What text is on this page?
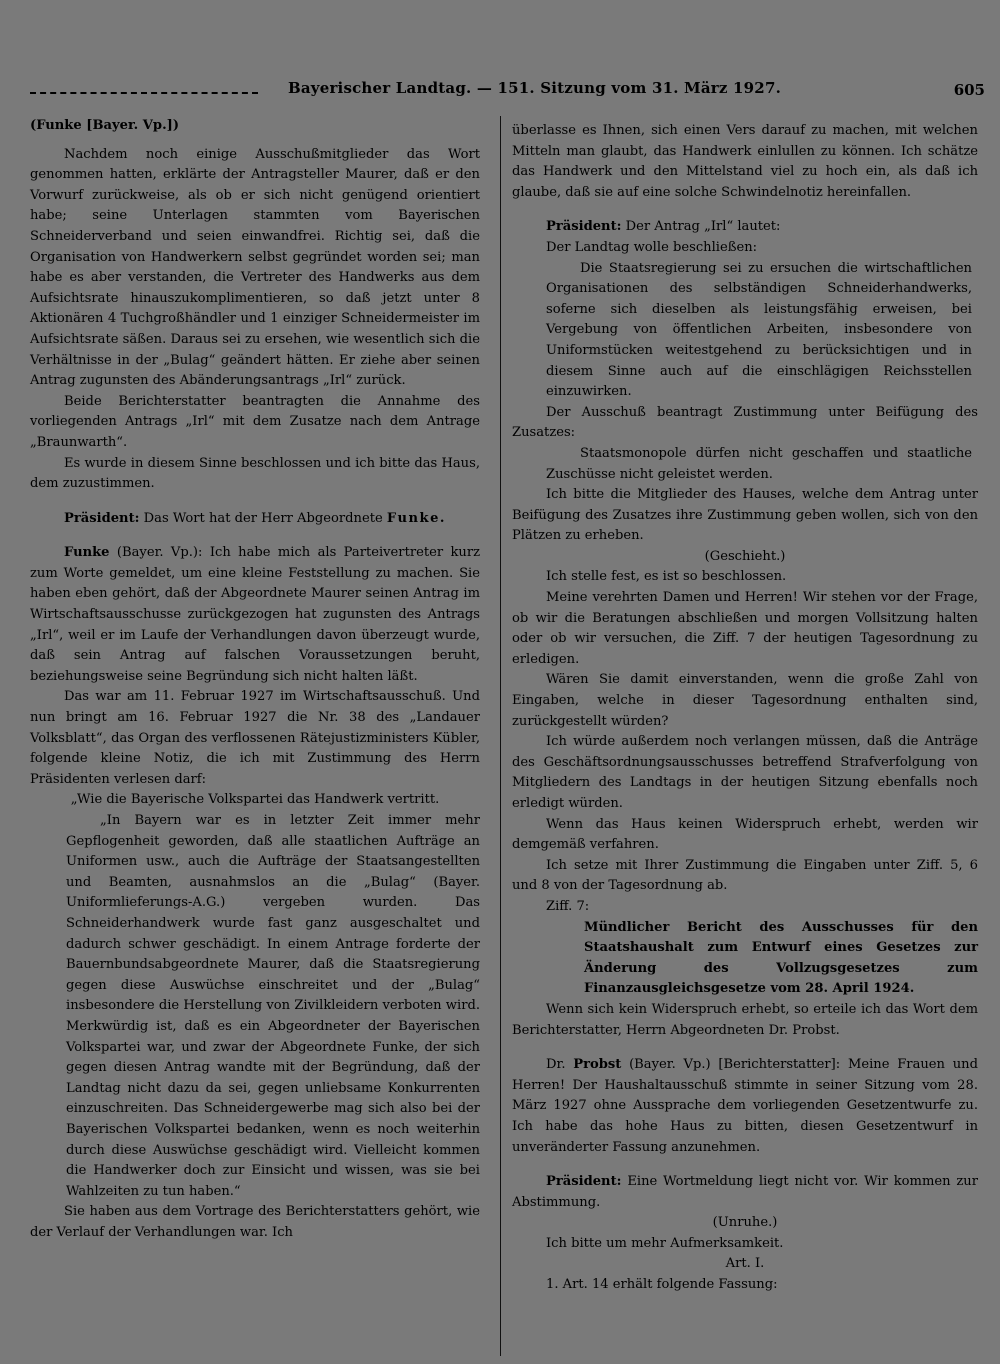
Bayerischer Landtag. — 151. Sitzung vom 31. März 1927.	605

(Funke [Bayer. Vp.])

Nachdem noch einige Ausschußmitglieder das Wort genommen hatten, erklärte der Antragsteller Maurer, daß er den Vorwurf zurückweise, als ob er sich nicht genügend orientiert habe; seine Unterlagen stammten vom Bayerischen Schneiderverband und seien einwandfrei. Richtig sei, daß die Organisation von Handwerkern selbst gegründet worden sei; man habe es aber verstanden, die Vertreter des Handwerks aus dem Aufsichtsrate hinauszukomplimentieren, so daß jetzt unter 8 Aktionären 4 Tuchgroßhändler und 1 einziger Schneidermeister im Aufsichtsrate säßen. Daraus sei zu ersehen, wie wesentlich sich die Verhältnisse in der „Bulag“ geändert hätten. Er ziehe aber seinen Antrag zugunsten des Abänderungsantrags „Irl“ zurück.

Beide Berichterstatter beantragten die Annahme des vorliegenden Antrags „Irl“ mit dem Zusatze nach dem Antrage „Braunwarth“.

Es wurde in diesem Sinne beschlossen und ich bitte das Haus, dem zuzustimmen.

Präsident: Das Wort hat der Herr Abgeordnete Funke.

Funke (Bayer. Vp.): Ich habe mich als Parteivertreter kurz zum Worte gemeldet, um eine kleine Feststellung zu machen. Sie haben eben gehört, daß der Abgeordnete Maurer seinen Antrag im Wirtschaftsausschusse zurückgezogen hat zugunsten des Antrags „Irl“, weil er im Laufe der Verhandlungen davon überzeugt wurde, daß sein Antrag auf falschen Voraussetzungen beruht, beziehungsweise seine Begründung sich nicht halten läßt.

Das war am 11. Februar 1927 im Wirtschaftsausschuß. Und nun bringt am 16. Februar 1927 die Nr. 38 des „Landauer Volksblatt“, das Organ des verflossenen Rätejustizministers Kübler, folgende kleine Notiz, die ich mit Zustimmung des Herrn Präsidenten verlesen darf:

„Wie die Bayerische Volkspartei das Handwerk vertritt.

„In Bayern war es in letzter Zeit immer mehr Gepflogenheit geworden, daß alle staatlichen Aufträge an Uniformen usw., auch die Aufträge der Staatsangestellten und Beamten, ausnahmslos an die „Bulag“ (Bayer. Uniformlieferungs-A.G.) vergeben wurden. Das Schneiderhandwerk wurde fast ganz ausgeschaltet und dadurch schwer geschädigt. In einem Antrage forderte der Bauernbundsabgeordnete Maurer, daß die Staatsregierung gegen diese Auswüchse einschreitet und der „Bulag“ insbesondere die Herstellung von Zivilkleidern verboten wird. Merkwürdig ist, daß es ein Abgeordneter der Bayerischen Volkspartei war, und zwar der Abgeordnete Funke, der sich gegen diesen Antrag wandte mit der Begründung, daß der Landtag nicht dazu da sei, gegen unliebsame Konkurrenten einzuschreiten. Das Schneidergewerbe mag sich also bei der Bayerischen Volkspartei bedanken, wenn es noch weiterhin durch diese Auswüchse geschädigt wird. Vielleicht kommen die Handwerker doch zur Einsicht und wissen, was sie bei Wahlzeiten zu tun haben.“

Sie haben aus dem Vortrage des Berichterstatters gehört, wie der Verlauf der Verhandlungen war. Ich

überlasse es Ihnen, sich einen Vers darauf zu machen, mit welchen Mitteln man glaubt, das Handwerk einlullen zu können. Ich schätze das Handwerk und den Mittelstand viel zu hoch ein, als daß ich glaube, daß sie auf eine solche Schwindelnotiz hereinfallen.

Präsident: Der Antrag „Irl“ lautet:

Der Landtag wolle beschließen:

Die Staatsregierung sei zu ersuchen die wirtschaftlichen Organisationen des selbständigen Schneiderhandwerks, soferne sich dieselben als leistungsfähig erweisen, bei Vergebung von öffentlichen Arbeiten, insbesondere von Uniformstücken weitestgehend zu berücksichtigen und in diesem Sinne auch auf die einschlägigen Reichsstellen einzuwirken.

Der Ausschuß beantragt Zustimmung unter Beifügung des Zusatzes:

Staatsmonopole dürfen nicht geschaffen und staatliche Zuschüsse nicht geleistet werden.

Ich bitte die Mitglieder des Hauses, welche dem Antrag unter Beifügung des Zusatzes ihre Zustimmung geben wollen, sich von den Plätzen zu erheben.

(Geschieht.)

Ich stelle fest, es ist so beschlossen.

Meine verehrten Damen und Herren! Wir stehen vor der Frage, ob wir die Beratungen abschließen und morgen Vollsitzung halten oder ob wir versuchen, die Ziff. 7 der heutigen Tagesordnung zu erledigen.

Wären Sie damit einverstanden, wenn die große Zahl von Eingaben, welche in dieser Tagesordnung enthalten sind, zurückgestellt würden?

Ich würde außerdem noch verlangen müssen, daß die Anträge des Geschäftsordnungsausschusses betreffend Strafverfolgung von Mitgliedern des Landtags in der heutigen Sitzung ebenfalls noch erledigt würden.

Wenn das Haus keinen Widerspruch erhebt, werden wir demgemäß verfahren.

Ich setze mit Ihrer Zustimmung die Eingaben unter Ziff. 5, 6 und 8 von der Tagesordnung ab.

Ziff. 7:

Mündlicher Bericht des Ausschusses für den Staatshaushalt zum Entwurf eines Gesetzes zur Änderung des Vollzugsgesetzes zum Finanzausgleichsgesetze vom 28. April 1924.

Wenn sich kein Widerspruch erhebt, so erteile ich das Wort dem Berichterstatter, Herrn Abgeordneten Dr. Probst.

Dr. Probst (Bayer. Vp.) [Berichterstatter]: Meine Frauen und Herren! Der Haushaltausschuß stimmte in seiner Sitzung vom 28. März 1927 ohne Aussprache dem vorliegenden Gesetzentwurfe zu. Ich habe das hohe Haus zu bitten, diesen Gesetzentwurf in unveränderter Fassung anzunehmen.

Präsident: Eine Wortmeldung liegt nicht vor. Wir kommen zur Abstimmung.

(Unruhe.)

Ich bitte um mehr Aufmerksamkeit.

Art. I.

1. Art. 14 erhält folgende Fassung:
